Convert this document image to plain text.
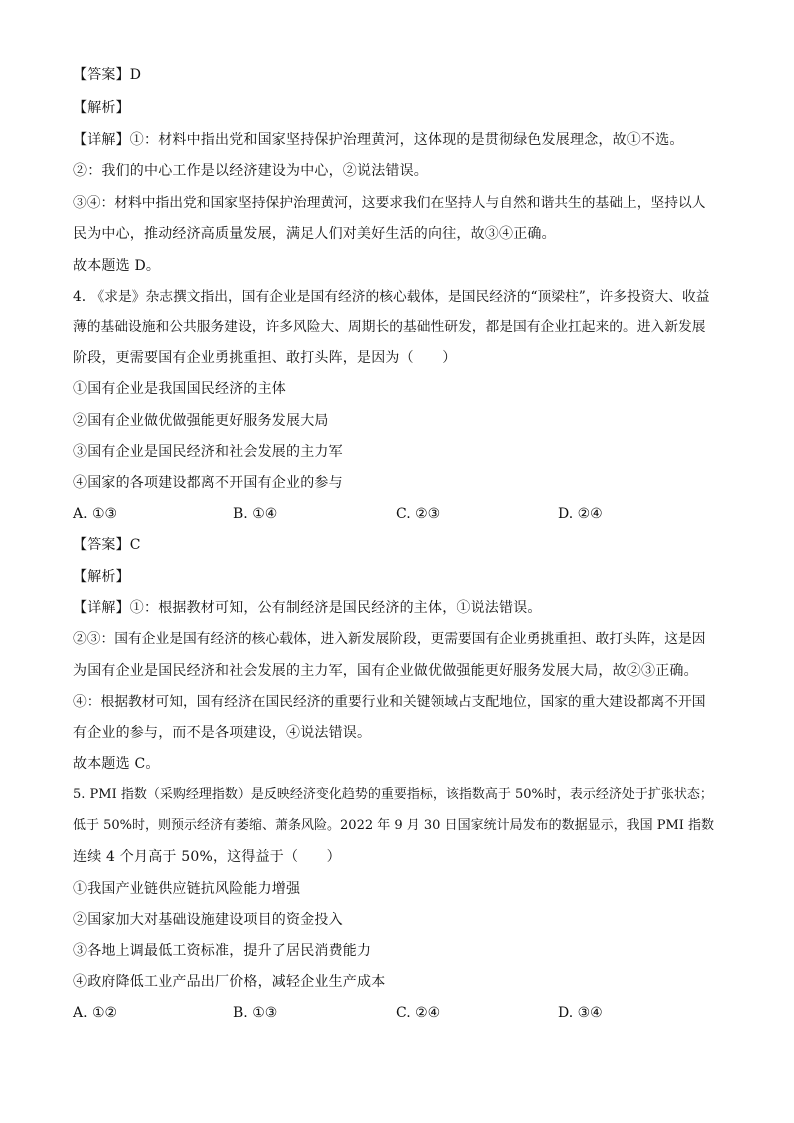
【答案】D
【解析】
【详解】①：材料中指出党和国家坚持保护治理黄河，这体现的是贯彻绿色发展理念，故①不选。
②：我们的中心工作是以经济建设为中心，②说法错误。
③④：材料中指出党和国家坚持保护治理黄河，这要求我们在坚持人与自然和谐共生的基础上，坚持以人
民为中心，推动经济高质量发展，满足人们对美好生活的向往，故③④正确。
故本题选 D。
4. 《求是》杂志撰文指出，国有企业是国有经济的核心载体，是国民经济的“顶梁柱”，许多投资大、收益
薄的基础设施和公共服务建设，许多风险大、周期长的基础性研发，都是国有企业扛起来的。进入新发展
阶段，更需要国有企业勇挑重担、敢打头阵，是因为（　　）
①国有企业是我国国民经济的主体
②国有企业做优做强能更好服务发展大局
③国有企业是国民经济和社会发展的主力军
④国家的各项建设都离不开国有企业的参与
A. ①③	B. ①④	C. ②③	D. ②④
【答案】C
【解析】
【详解】①：根据教材可知，公有制经济是国民经济的主体，①说法错误。
②③：国有企业是国有经济的核心载体，进入新发展阶段，更需要国有企业勇挑重担、敢打头阵，这是因
为国有企业是国民经济和社会发展的主力军，国有企业做优做强能更好服务发展大局，故②③正确。
④：根据教材可知，国有经济在国民经济的重要行业和关键领域占支配地位，国家的重大建设都离不开国
有企业的参与，而不是各项建设，④说法错误。
故本题选 C。
5. PMI 指数（采购经理指数）是反映经济变化趋势的重要指标，该指数高于 50%时，表示经济处于扩张状态；
低于 50%时，则预示经济有萎缩、萧条风险。2022 年 9 月 30 日国家统计局发布的数据显示，我国 PMI 指数
连续 4 个月高于 50%，这得益于（　　）
①我国产业链供应链抗风险能力增强
②国家加大对基础设施建设项目的资金投入
③各地上调最低工资标准，提升了居民消费能力
④政府降低工业产品出厂价格，减轻企业生产成本
A. ①②	B. ①③	C. ②④	D. ③④
